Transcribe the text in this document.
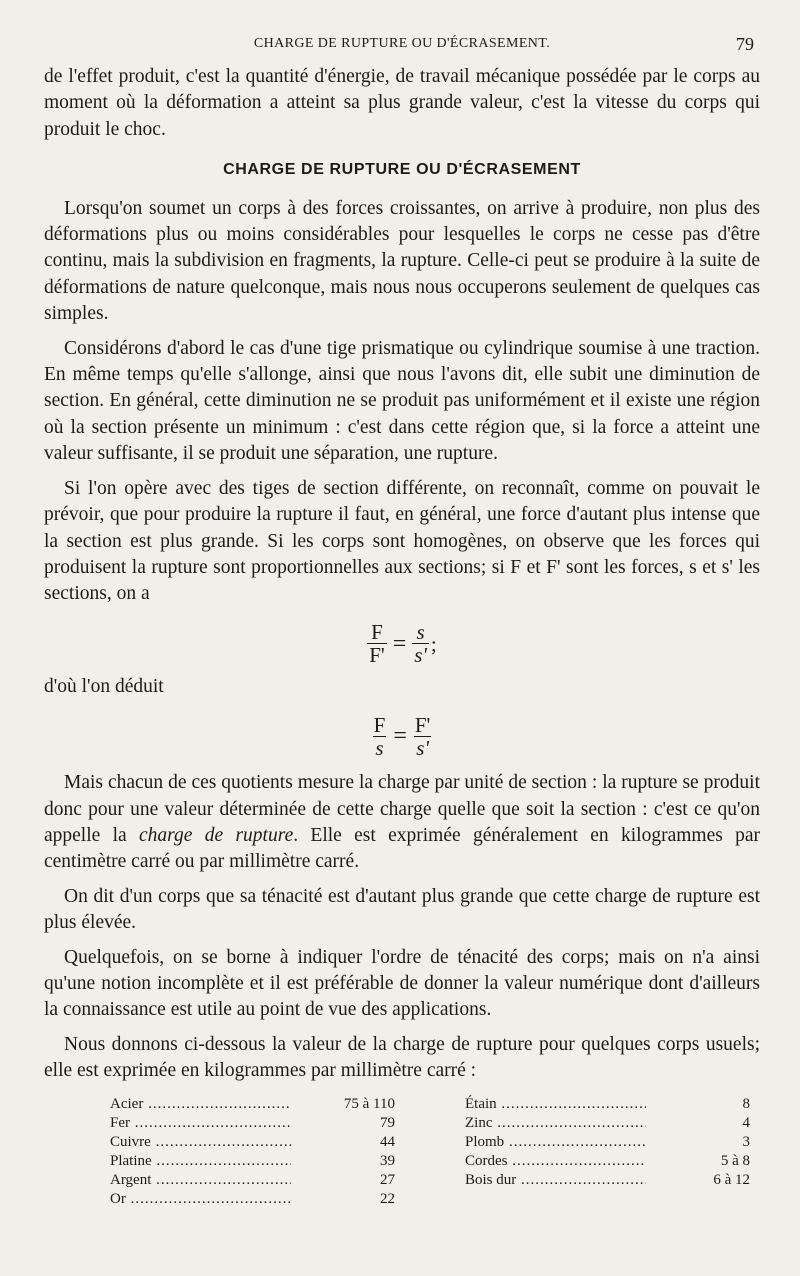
CHARGE DE RUPTURE OU D'ÉCRASEMENT.	79

de l'effet produit, c'est la quantité d'énergie, de travail mécanique possédée par le corps au moment où la déformation a atteint sa plus grande valeur, c'est la vitesse du corps qui produit le choc.

CHARGE DE RUPTURE OU D'ÉCRASEMENT

Lorsqu'on soumet un corps à des forces croissantes, on arrive à produire, non plus des déformations plus ou moins considérables pour lesquelles le corps ne cesse pas d'être continu, mais la subdivision en fragments, la rupture. Celle-ci peut se produire à la suite de déformations de nature quelconque, mais nous nous occuperons seulement de quelques cas simples.

Considérons d'abord le cas d'une tige prismatique ou cylindrique soumise à une traction. En même temps qu'elle s'allonge, ainsi que nous l'avons dit, elle subit une diminution de section. En général, cette diminution ne se produit pas uniformément et il existe une région où la section présente un minimum : c'est dans cette région que, si la force a atteint une valeur suffisante, il se produit une séparation, une rupture.

Si l'on opère avec des tiges de section différente, on reconnaît, comme on pouvait le prévoir, que pour produire la rupture il faut, en général, une force d'autant plus intense que la section est plus grande. Si les corps sont homogènes, on observe que les forces qui produisent la rupture sont proportionnelles aux sections; si F et F' sont les forces, s et s' les sections, on a

$\frac{F}{F'} = \frac{s}{s'}$ ;

d'où l'on déduit

$\frac{F}{s} = \frac{F'}{s'}$

Mais chacun de ces quotients mesure la charge par unité de section : la rupture se produit donc pour une valeur déterminée de cette charge quelle que soit la section : c'est ce qu'on appelle la charge de rupture. Elle est exprimée généralement en kilogrammes par centimètre carré ou par millimètre carré.

On dit d'un corps que sa ténacité est d'autant plus grande que cette charge de rupture est plus élevée.

Quelquefois, on se borne à indiquer l'ordre de ténacité des corps; mais on n'a ainsi qu'une notion incomplète et il est préférable de donner la valeur numérique dont d'ailleurs la connaissance est utile au point de vue des applications.

Nous donnons ci-dessous la valeur de la charge de rupture pour quelques corps usuels; elle est exprimée en kilogrammes par millimètre carré :

Acier .....	75 à 110
Fer .....	79
Cuivre .....	44
Platine .....	39
Argent .....	27
Or .....	22
Étain .....	8
Zinc .....	4
Plomb .....	3
Cordes .....	5 à 8
Bois dur .....	6 à 12
